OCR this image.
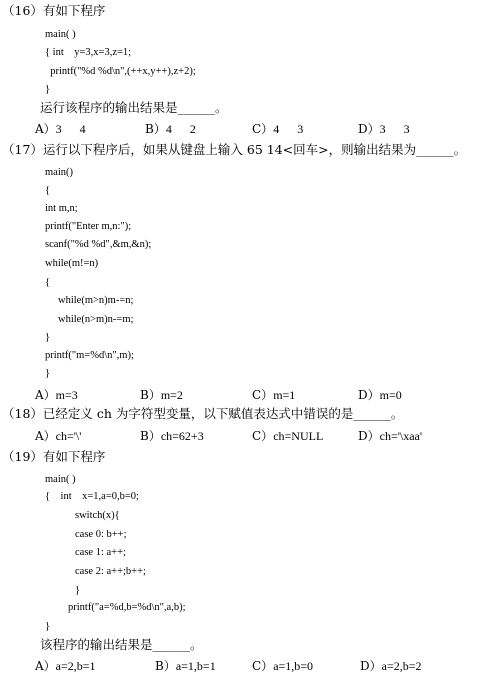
（16）有如下程序
main( )
{ int    y=3,x=3,z=1;
printf("%d %d\n",(++x,y++),z+2);
}
运行该程序的输出结果是______。
A）3      4	B）4      2	C）4      3	D）3      3
（17）运行以下程序后，如果从键盘上输入 65 14<回车>，则输出结果为______。
main()
{
int m,n;
printf("Enter m,n:");
scanf("%d %d",&m,&n);
while(m!=n)
{
while(m>n)m-=n;
while(n>m)n-=m;
}
printf("m=%d\n",m);
}
A）m=3	B）m=2	C）m=1	D）m=0
（18）已经定义 ch 为字符型变量，以下赋值表达式中错误的是______。
A）ch='\'	B）ch=62+3	C）ch=NULL	D）ch='\xaa'
（19）有如下程序
main( )
{    int    x=1,a=0,b=0;
switch(x){
case 0: b++;
case 1: a++;
case 2: a++;b++;
}
printf("a=%d,b=%d\n",a,b);
}
该程序的输出结果是______。
A）a=2,b=1	B）a=1,b=1	C）a=1,b=0	D）a=2,b=2
